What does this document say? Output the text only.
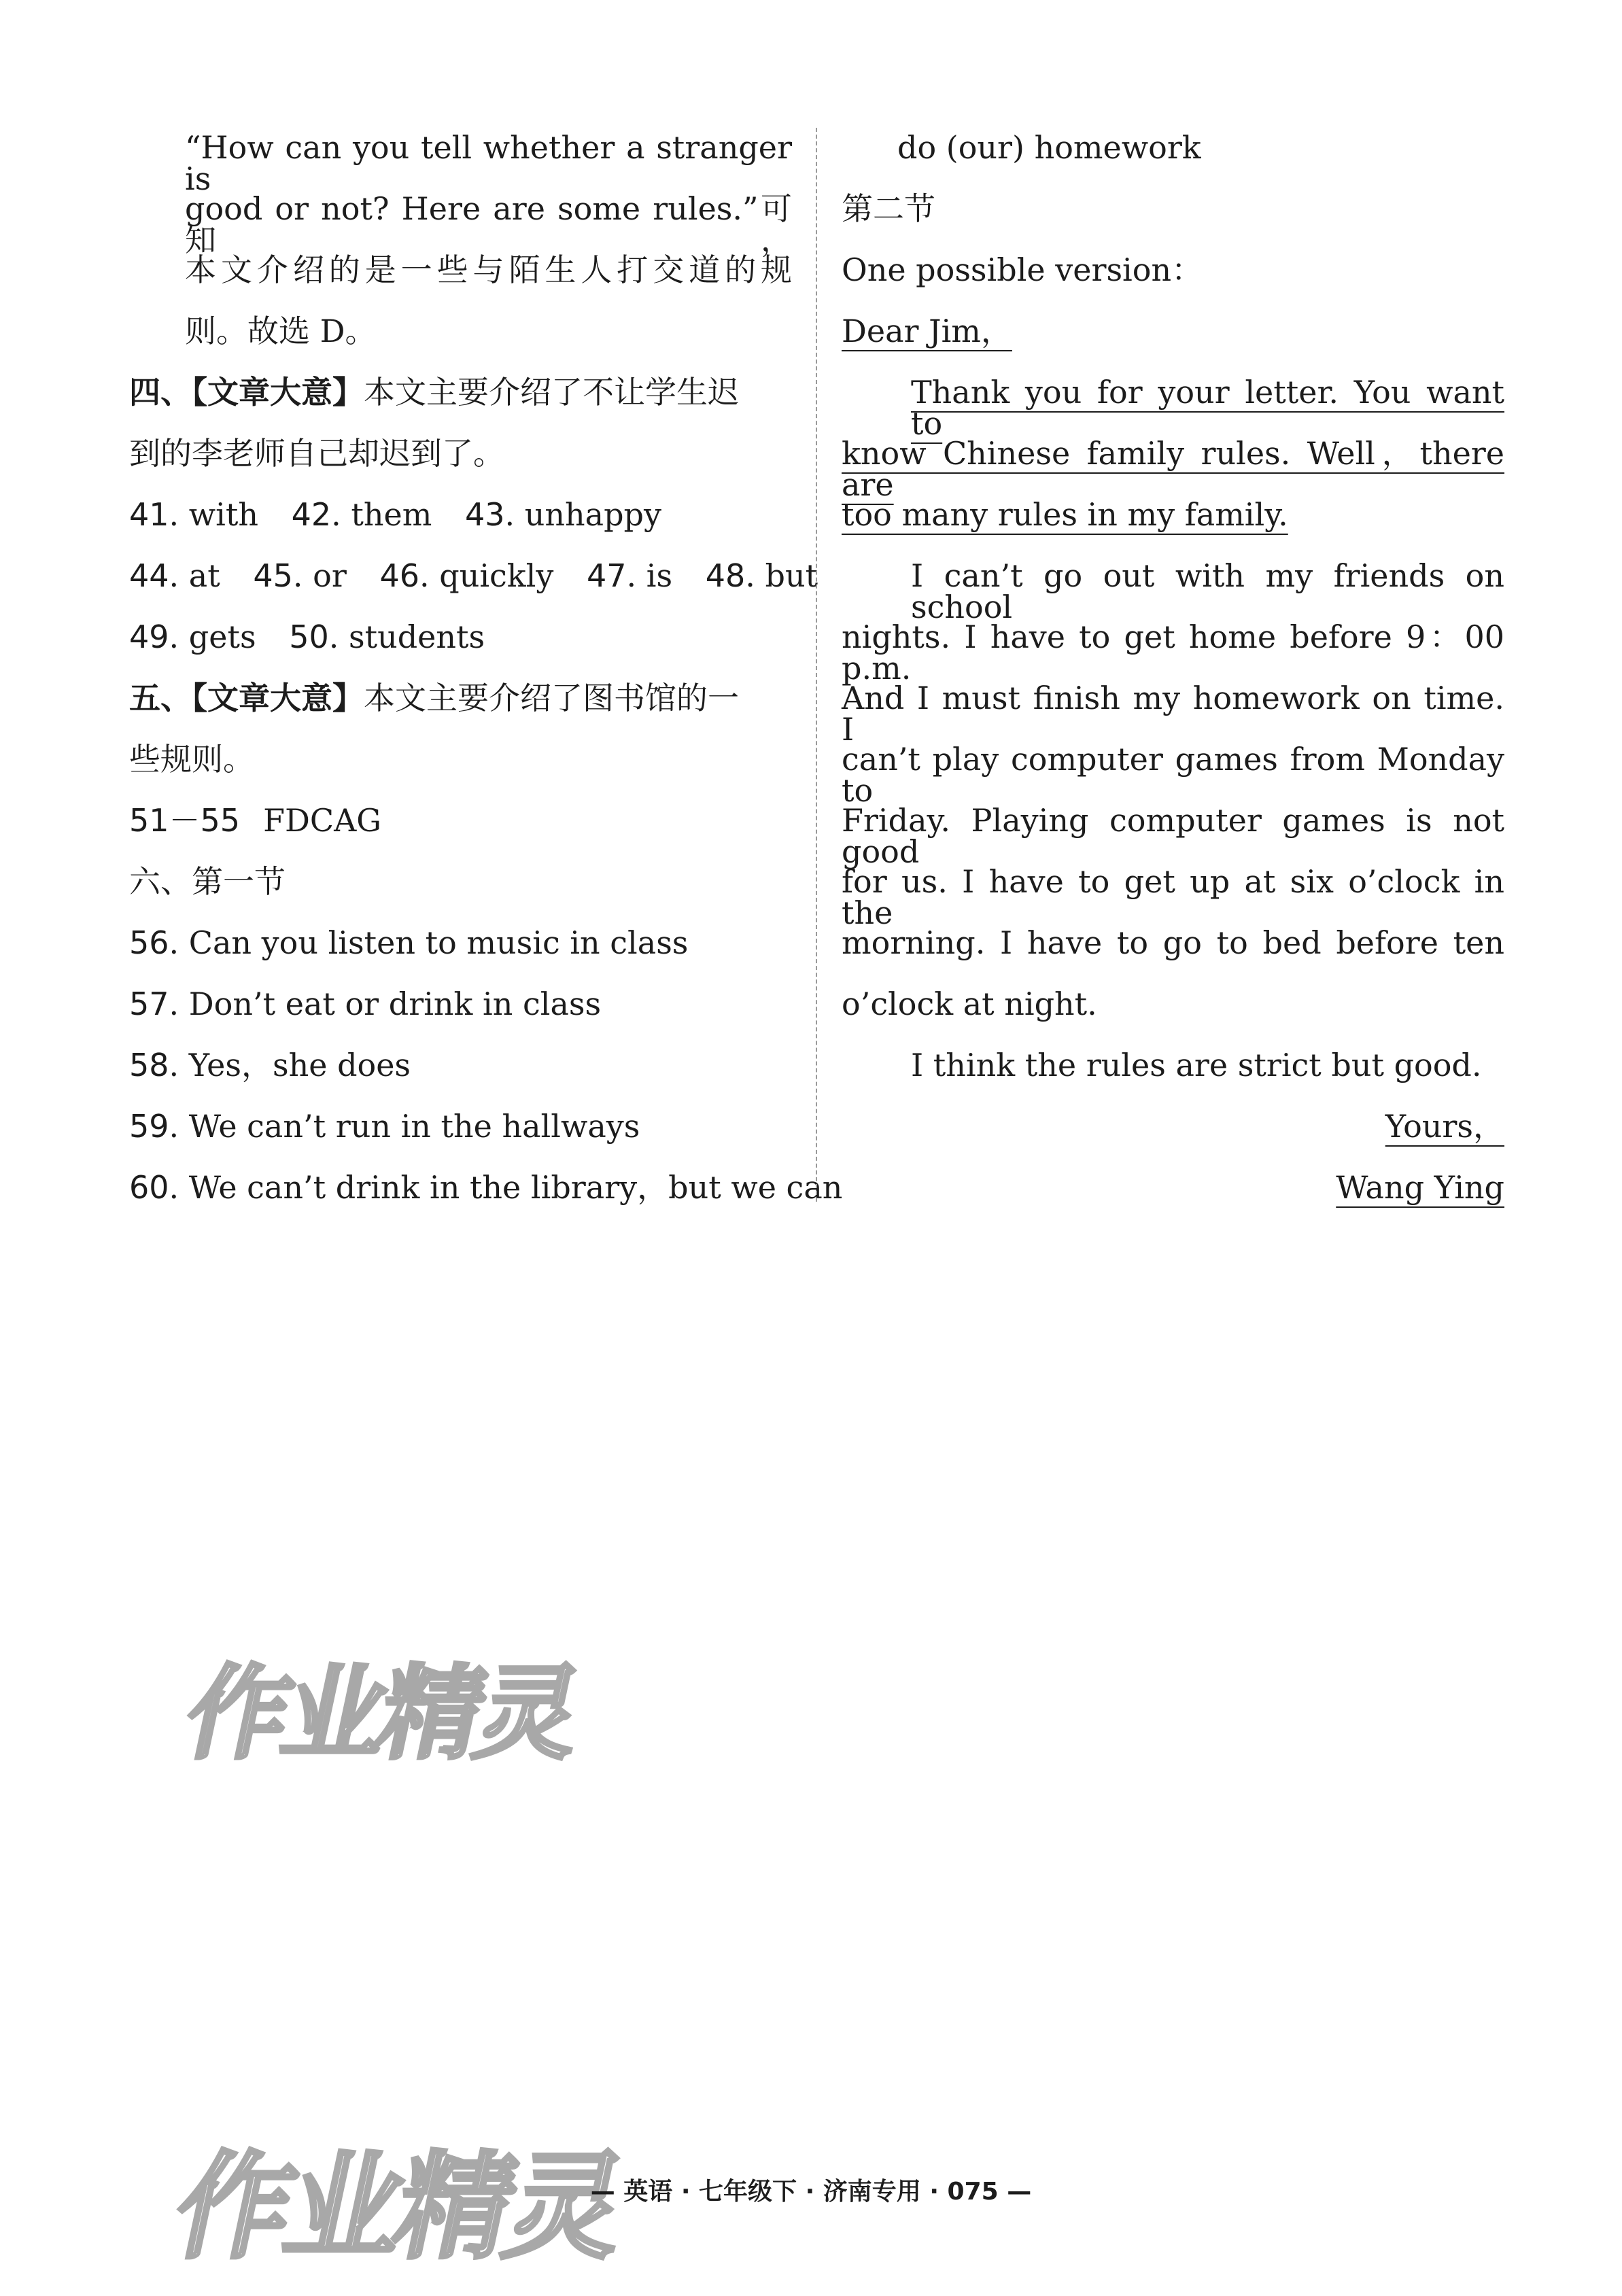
“How can you tell whether a stranger is
good or not? Here are some rules.”可知，
本文介绍的是一些与陌生人打交道的规
则。故选 D。
四、【文章大意】本文主要介绍了不让学生迟
到的李老师自己却迟到了。
41. with 42. them 43. unhappy
44. at 45. or 46. quickly 47. is 48. but
49. gets 50. students
五、【文章大意】本文主要介绍了图书馆的一
些规则。
51－55 FDCAG
六、第一节
56. Can you listen to music in class
57. Don’t eat or drink in class
58. Yes，she does
59. We can’t run in the hallways
60. We can’t drink in the library，but we can
do (our) homework
第二节
One possible version：
Dear Jim，
Thank you for your letter. You want to
know Chinese family rules. Well，there are
too many rules in my family.
I can’t go out with my friends on school
nights. I have to get home before 9：00 p.m.
And I must finish my homework on time. I
can’t play computer games from Monday to
Friday. Playing computer games is not good
for us. I have to get up at six o’clock in the
morning. I have to go to bed before ten
o’clock at night.
I think the rules are strict but good.
Yours，
Wang Ying
作业精灵
作业精灵
— 英语 · 七年级下 · 济南专用 · 075 —
